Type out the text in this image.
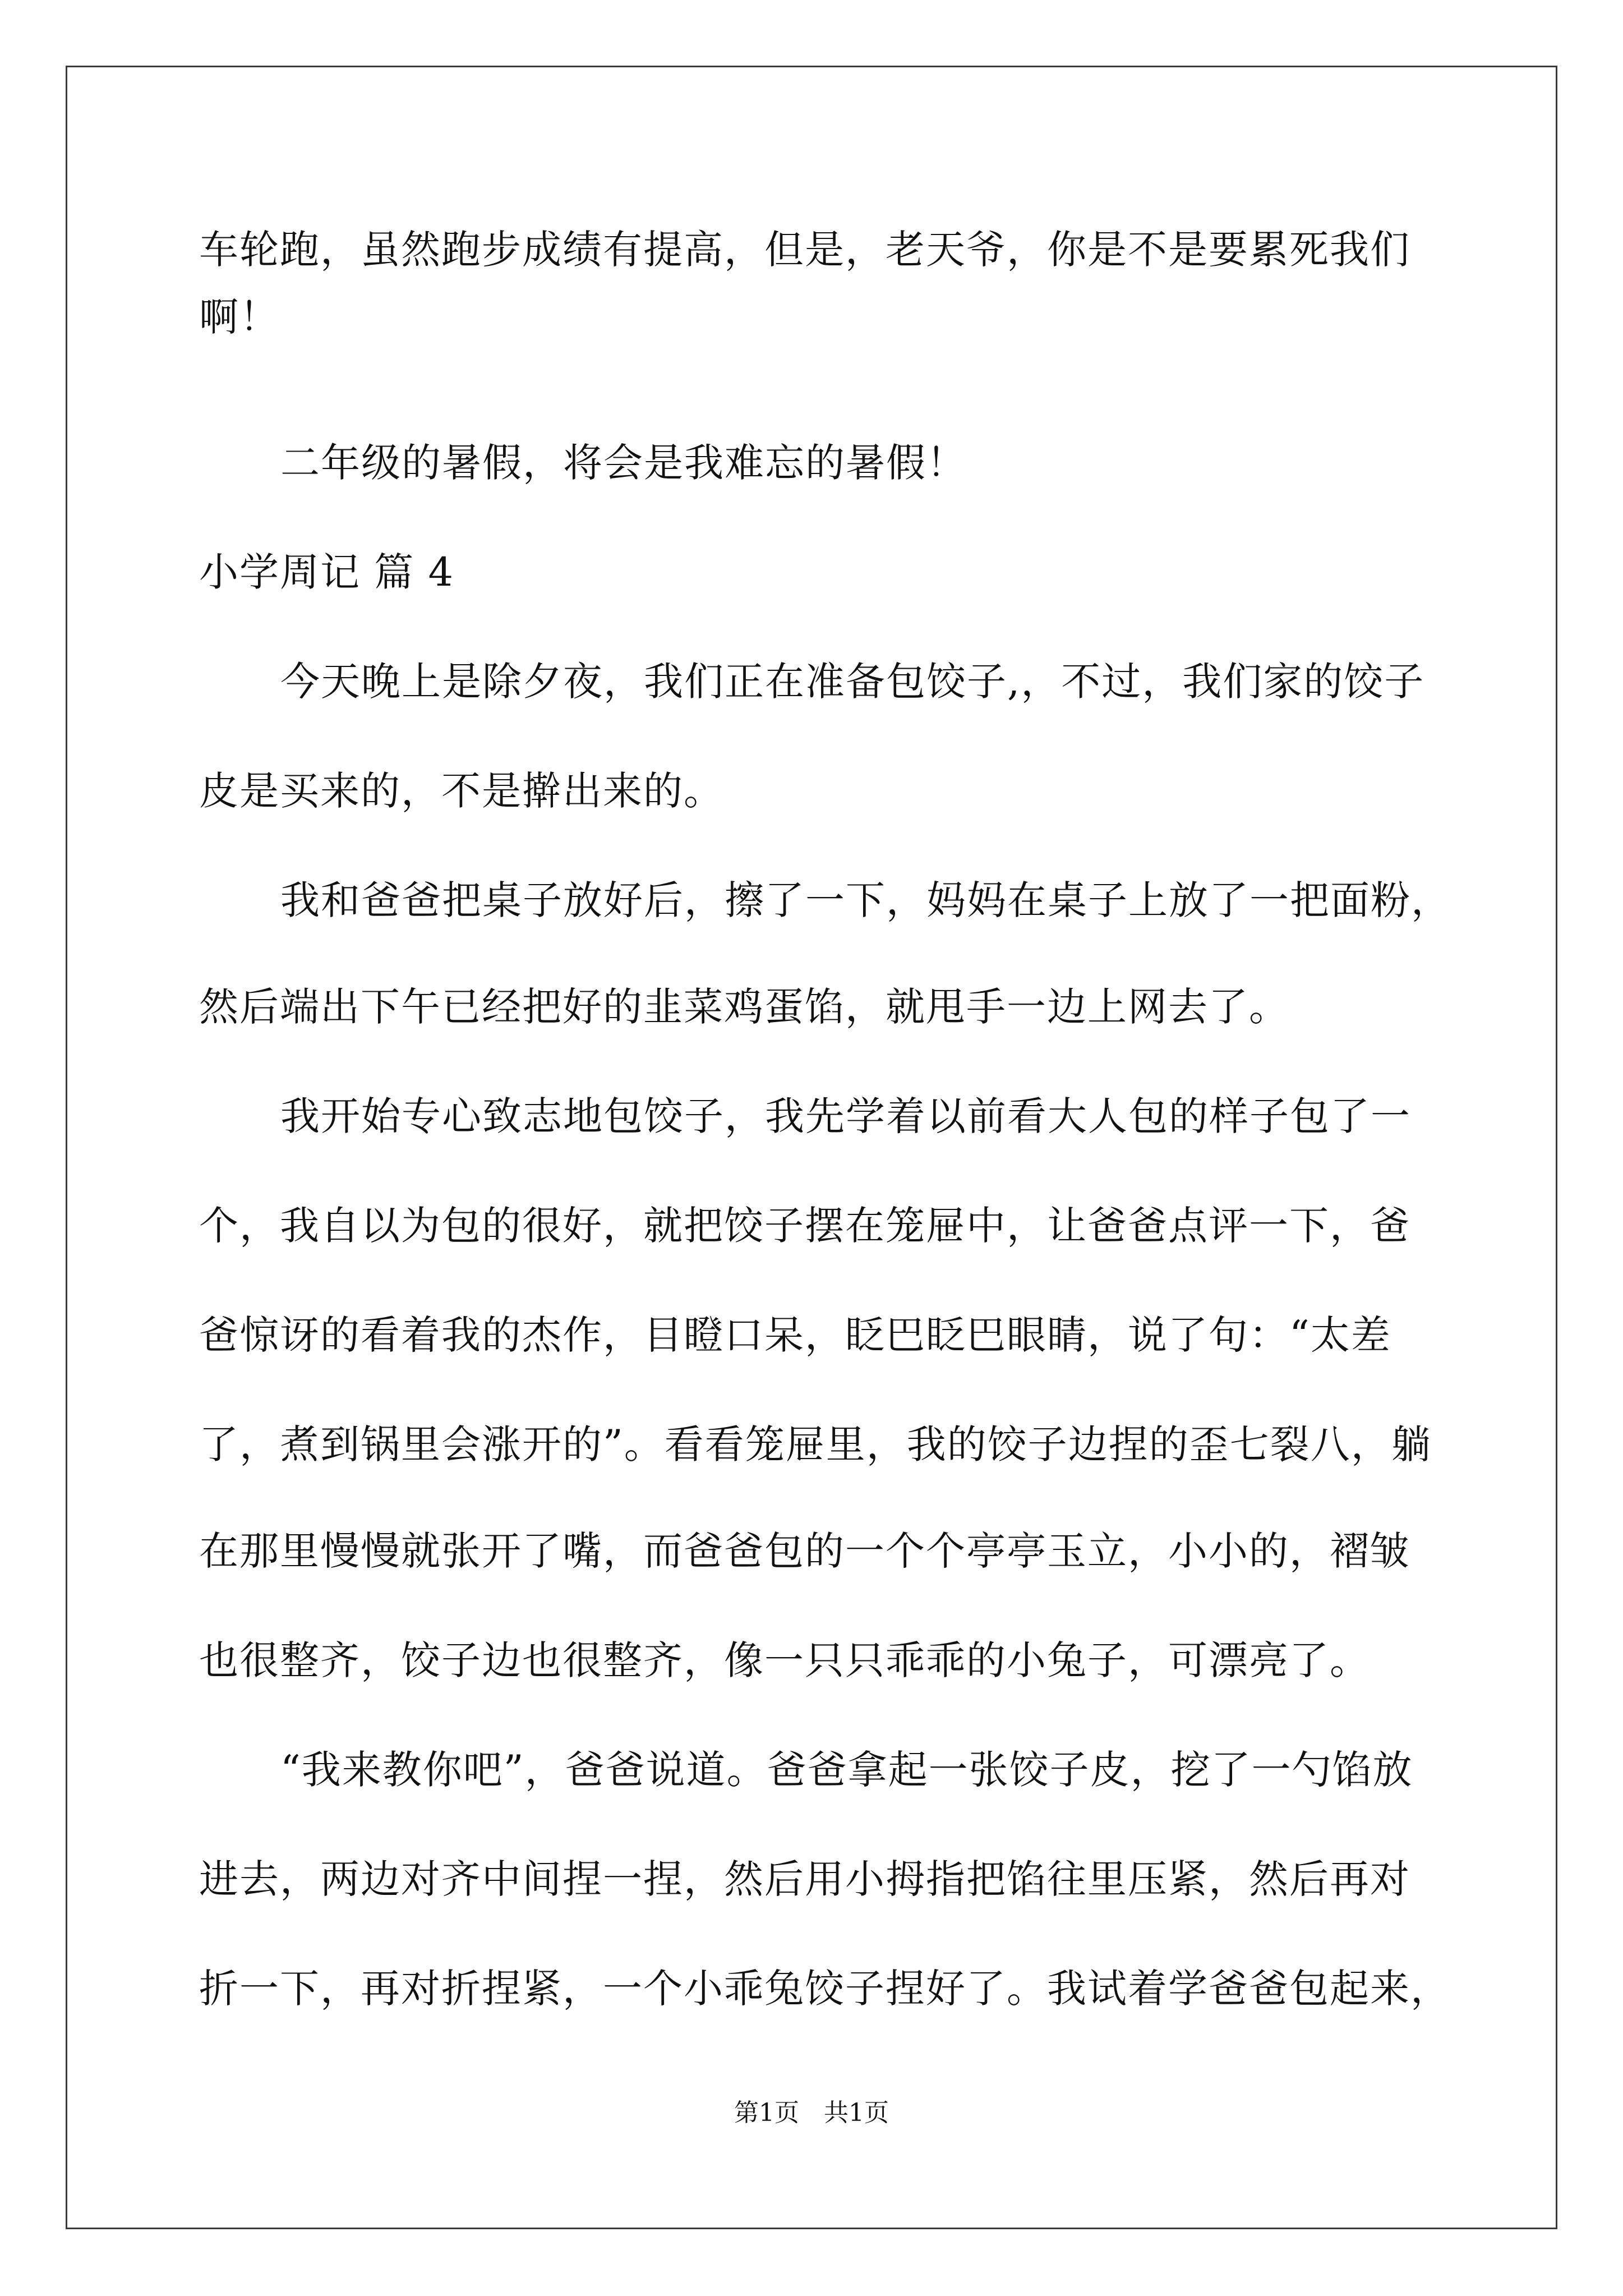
车轮跑，虽然跑步成绩有提高，但是，老天爷，你是不是要累死我们
啊！
二年级的暑假，将会是我难忘的暑假！
小学周记 篇 4
今天晚上是除夕夜，我们正在准备包饺子,，不过，我们家的饺子
皮是买来的，不是擀出来的。
我和爸爸把桌子放好后，擦了一下，妈妈在桌子上放了一把面粉，
然后端出下午已经把好的韭菜鸡蛋馅，就甩手一边上网去了。
我开始专心致志地包饺子，我先学着以前看大人包的样子包了一
个，我自以为包的很好，就把饺子摆在笼屉中，让爸爸点评一下，爸
爸惊讶的看着我的杰作，目瞪口呆，眨巴眨巴眼睛，说了句：“太差
了，煮到锅里会涨开的”。看看笼屉里，我的饺子边捏的歪七裂八，躺
在那里慢慢就张开了嘴，而爸爸包的一个个亭亭玉立，小小的，褶皱
也很整齐，饺子边也很整齐，像一只只乖乖的小兔子，可漂亮了。
“我来教你吧”，爸爸说道。爸爸拿起一张饺子皮，挖了一勺馅放
进去，两边对齐中间捏一捏，然后用小拇指把馅往里压紧，然后再对
折一下，再对折捏紧，一个小乖兔饺子捏好了。我试着学爸爸包起来，
第1页　共1页
